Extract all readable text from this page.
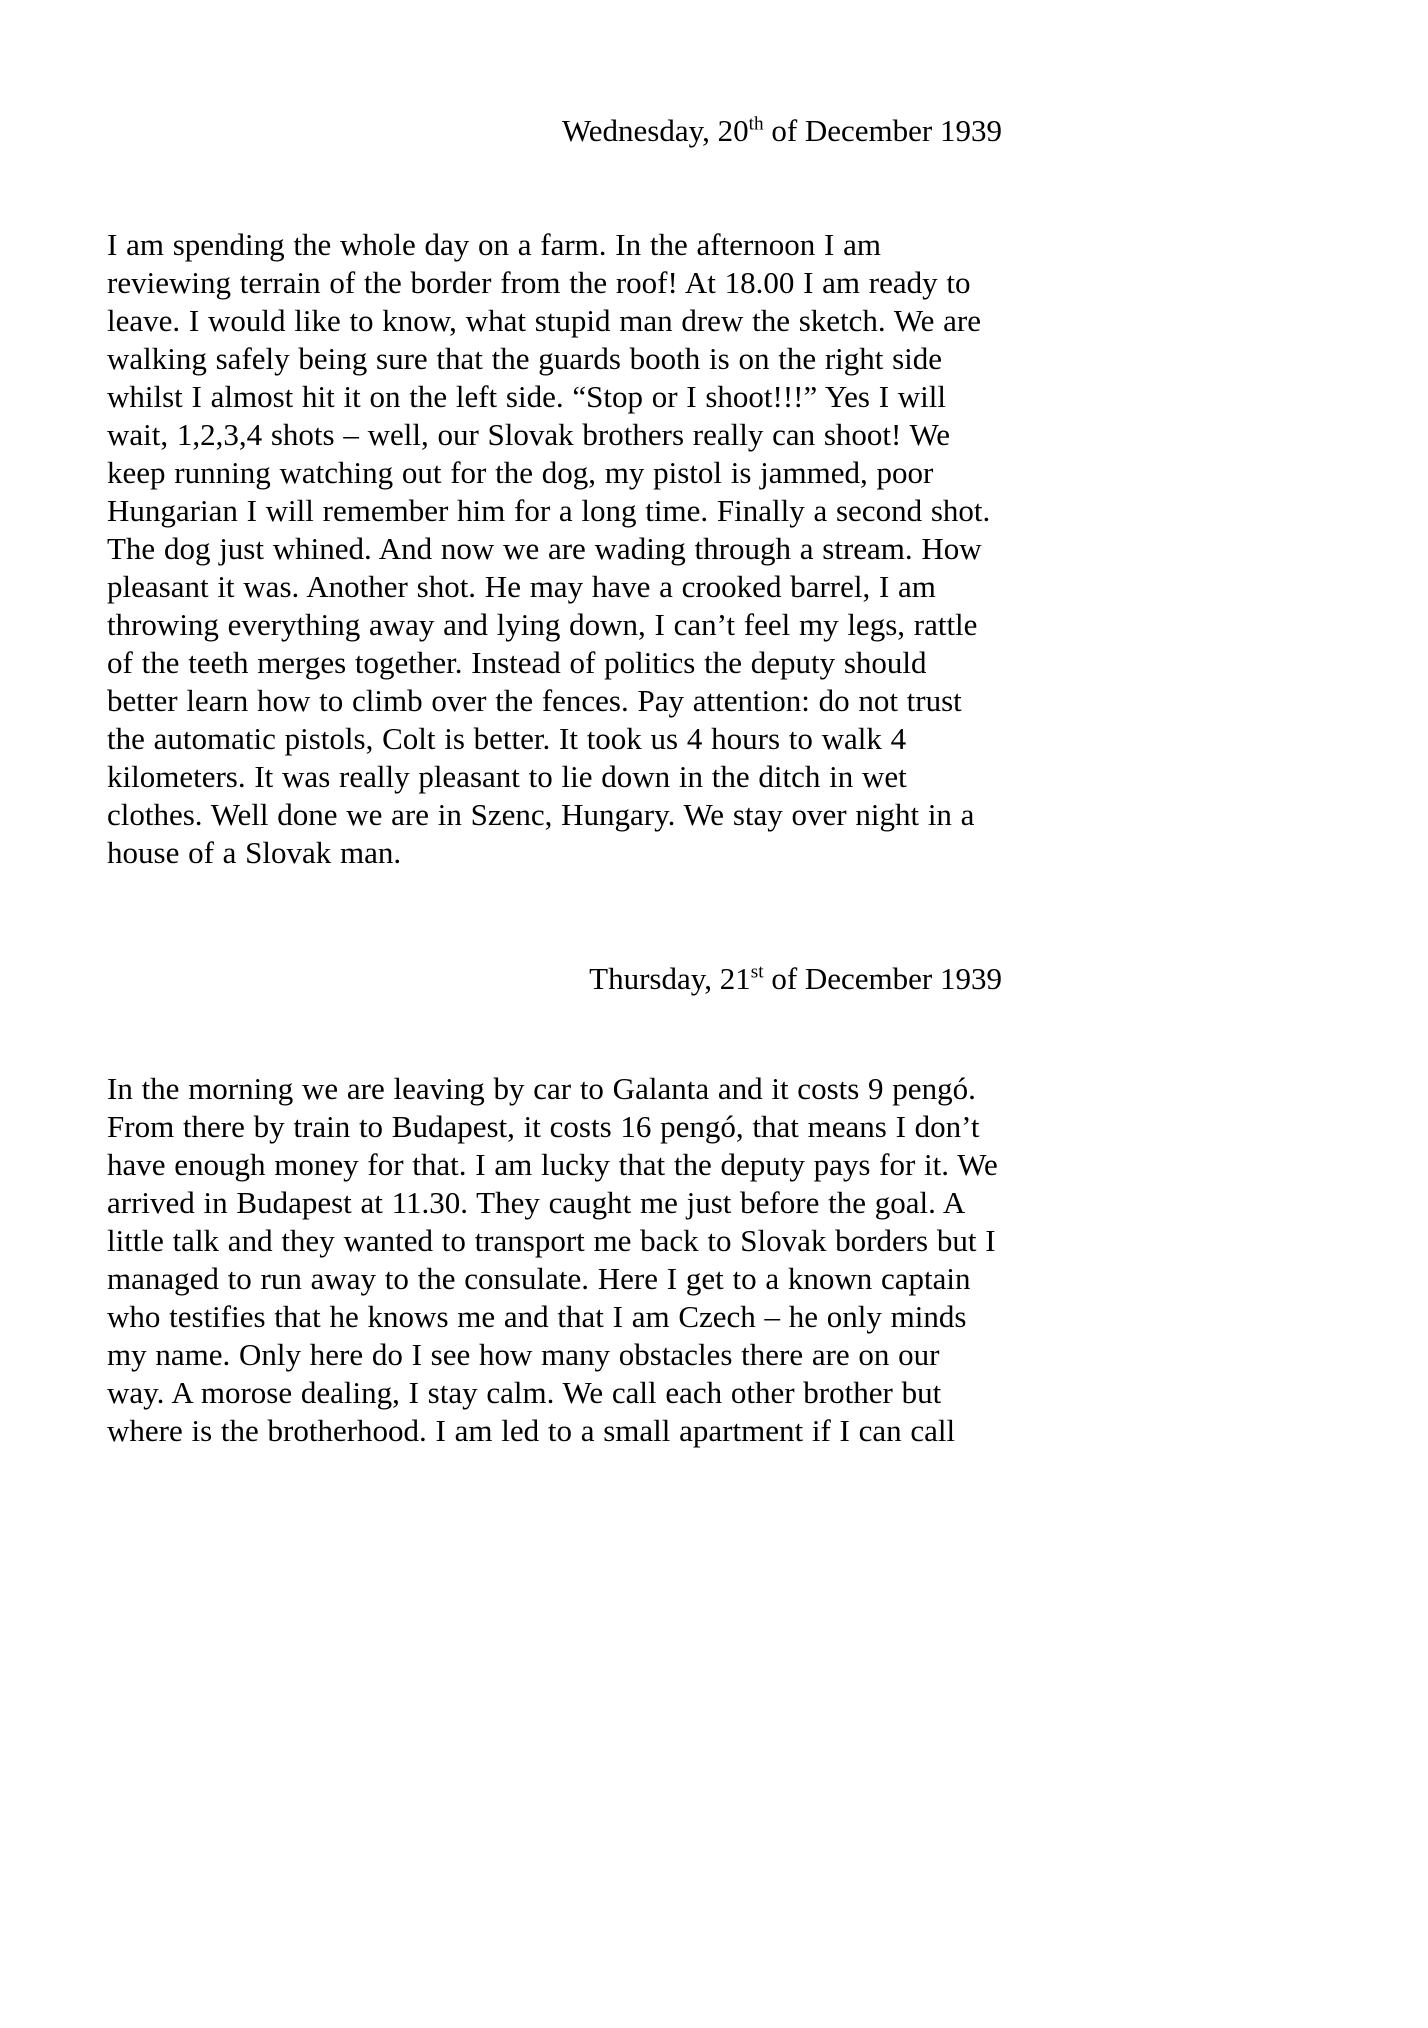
Wednesday, 20th of December 1939

I am spending the whole day on a farm. In the afternoon I am reviewing terrain of the border from the roof! At 18.00 I am ready to leave. I would like to know, what stupid man drew the sketch. We are walking safely being sure that the guards booth is on the right side whilst I almost hit it on the left side. “Stop or I shoot!!!” Yes I will wait, 1,2,3,4 shots – well, our Slovak brothers really can shoot! We keep running watching out for the dog, my pistol is jammed, poor Hungarian I will remember him for a long time. Finally a second shot. The dog just whined. And now we are wading through a stream. How pleasant it was. Another shot. He may have a crooked barrel, I am throwing everything away and lying down, I can’t feel my legs, rattle of the teeth merges together. Instead of politics the deputy should better learn how to climb over the fences. Pay attention: do not trust the automatic pistols, Colt is better. It took us 4 hours to walk 4 kilometers. It was really pleasant to lie down in the ditch in wet clothes. Well done we are in Szenc, Hungary. We stay over night in a house of a Slovak man.

Thursday, 21st of December 1939

In the morning we are leaving by car to Galanta and it costs 9 pengó. From there by train to Budapest, it costs 16 pengó, that means I don’t have enough money for that. I am lucky that the deputy pays for it. We arrived in Budapest at 11.30. They caught me just before the goal. A little talk and they wanted to transport me back to Slovak borders but I managed to run away to the consulate. Here I get to a known captain who testifies that he knows me and that I am Czech – he only minds my name. Only here do I see how many obstacles there are on our way. A morose dealing, I stay calm. We call each other brother but where is the brotherhood. I am led to a small apartment if I can call
